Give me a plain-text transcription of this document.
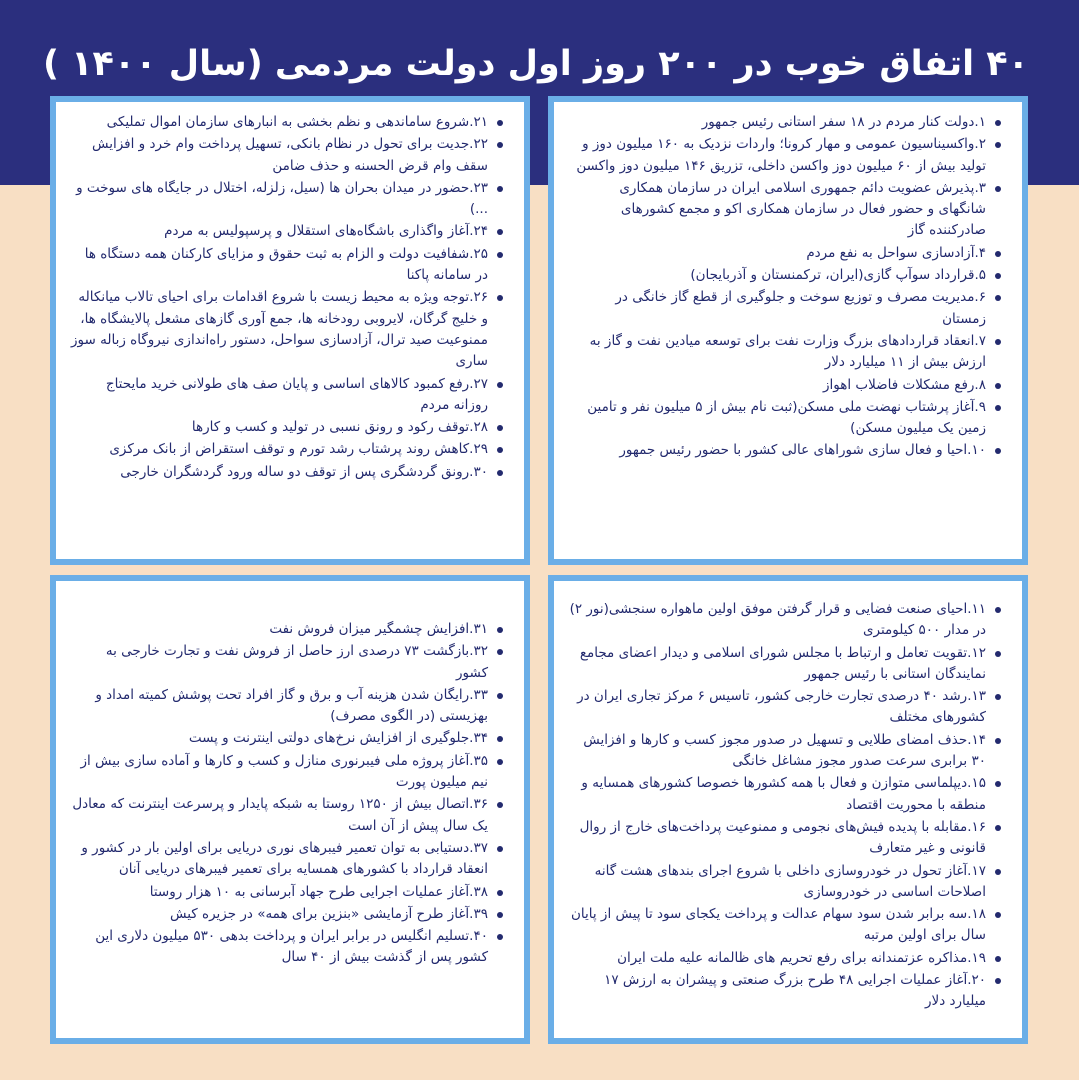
۴۰ اتفاق خوب در ۲۰۰ روز اول دولت مردمی (سال ۱۴۰۰ )
۱.دولت کنار مردم در ۱۸ سفر استانی رئیس جمهور
۲.واکسیناسیون عمومی و مهار کرونا؛ واردات نزدیک به ۱۶۰ میلیون دوز و تولید بیش از ۶۰ میلیون دوز واکسن داخلی، تزریق ۱۴۶ میلیون دوز واکسن
۳.پذیرش عضویت دائم جمهوری اسلامی ایران در سازمان همکاری شانگهای و حضور فعال در سازمان همکاری اکو و مجمع کشورهای صادرکننده گاز
۴.آزادسازی سواحل به نفع مردم
۵.قرارداد سوآپ گازی(ایران، ترکمنستان و آذربایجان)
۶.مدیریت مصرف و توزیع سوخت و جلوگیری از قطع گاز خانگی در زمستان
۷.انعقاد قراردادهای بزرگ وزارت نفت برای توسعه میادین نفت و گاز به ارزش بیش از ۱۱ میلیارد دلار
۸.رفع مشکلات فاضلاب اهواز
۹.آغاز پرشتاب نهضت ملی مسکن(ثبت نام بیش از ۵ میلیون نفر و تامین زمین یک میلیون مسکن)
۱۰.احیا و فعال سازی شوراهای عالی کشور با حضور رئیس جمهور
۲۱.شروع ساماندهی و نظم بخشی به انبارهای سازمان اموال تملیکی
۲۲.جدیت برای تحول در نظام بانکی، تسهیل پرداخت وام خرد و افزایش سقف وام قرض الحسنه و حذف ضامن
۲۳.حضور در میدان بحران ها (سیل، زلزله، اختلال در جایگاه های سوخت و ...)
۲۴.آغاز واگذاری باشگاه‌های استقلال و پرسپولیس به مردم
۲۵.شفافیت دولت و الزام به ثبت حقوق و مزایای کارکنان همه دستگاه ها در سامانه پاکنا
۲۶.توجه ویژه به محیط زیست با شروع اقدامات برای احیای تالاب میانکاله و خلیج گرگان، لایروبی رودخانه ها، جمع آوری گازهای مشعل پالایشگاه ها، ممنوعیت صید ترال، آزادسازی سواحل، دستور راه‌اندازی نیروگاه زباله سوز ساری
۲۷.رفع کمبود کالاهای اساسی و پایان صف های طولانی خرید مایحتاج روزانه مردم
۲۸.توقف رکود و رونق نسبی در تولید و کسب و کارها
۲۹.کاهش روند پرشتاب رشد تورم و توقف استقراض از بانک مرکزی
۳۰.رونق گردشگری پس از توقف دو ساله ورود گردشگران خارجی
۱۱.احیای صنعت فضایی و قرار گرفتن موفق اولین ماهواره سنجشی(نور ۲) در مدار ۵۰۰ کیلومتری
۱۲.تقویت تعامل و ارتباط با مجلس شورای اسلامی و دیدار اعضای مجامع نمایندگان استانی با رئیس جمهور
۱۳.رشد ۴۰ درصدی تجارت خارجی کشور، تاسیس ۶ مرکز تجاری ایران در کشورهای مختلف
۱۴.حذف امضای طلایی و تسهیل در صدور مجوز کسب و کارها و افزایش ۳۰ برابری سرعت صدور مجوز مشاغل خانگی
۱۵.دیپلماسی متوازن و فعال با همه کشورها خصوصا کشورهای همسایه و منطقه با محوریت اقتصاد
۱۶.مقابله با پدیده فیش‌های نجومی و ممنوعیت پرداخت‌های خارج از روال قانونی و غیر متعارف
۱۷.آغاز تحول در خودروسازی داخلی با شروع اجرای بندهای هشت گانه اصلاحات اساسی در خودروسازی
۱۸.سه برابر شدن سود سهام عدالت و پرداخت یکجای سود تا پیش از پایان سال برای اولین مرتبه
۱۹.مذاکره عزتمندانه برای رفع تحریم های ظالمانه علیه ملت ایران
۲۰.آغاز عملیات اجرایی ۴۸ طرح بزرگ صنعتی و پیشران به ارزش ۱۷ میلیارد دلار
۳۱.افزایش چشمگیر میزان فروش نفت
۳۲.بازگشت ۷۳ درصدی ارز حاصل از فروش نفت و تجارت خارجی به کشور
۳۳.رایگان شدن هزینه آب و برق و گاز افراد تحت پوشش کمیته امداد و بهزیستی (در الگوی مصرف)
۳۴.جلوگیری از افزایش نرخ‌های دولتی اینترنت و پست
۳۵.آغاز پروژه ملی فیبرنوری منازل و کسب و کارها و آماده سازی بیش از نیم میلیون پورت
۳۶.اتصال بیش از ۱۲۵۰ روستا به شبکه پایدار و پرسرعت اینترنت که معادل یک سال پیش از آن است
۳۷.دستیابی به توان تعمیر فیبرهای نوری دریایی برای اولین بار در کشور و انعقاد قرارداد با کشورهای همسایه برای تعمیر فیبرهای دریایی آنان
۳۸.آغاز عملیات اجرایی طرح جهاد آبرسانی به ۱۰ هزار روستا
۳۹.آغاز طرح آزمایشی «بنزین برای همه» در جزیره کیش
۴۰.تسلیم انگلیس در برابر ایران و پرداخت بدهی ۵۳۰ میلیون دلاری این کشور پس از گذشت بیش از ۴۰ سال
